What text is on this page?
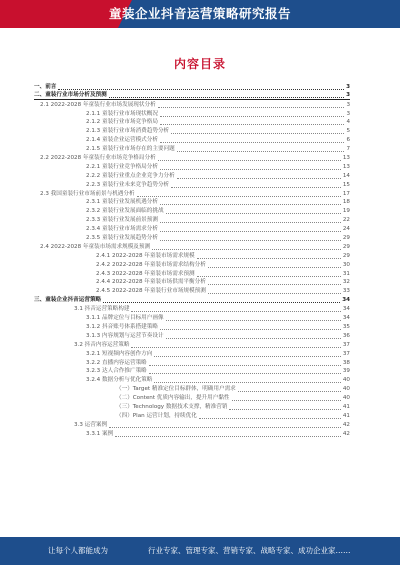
童装企业抖音运营策略研究报告
内容目录
一、前言	3
二、童装行业市场分析及预测	3
2.1 2022-2028 年童装行业市场发展现状分析	3
2.1.1 童装行业市场现状概况	3
2.1.2 童装行业市场竞争格局	4
2.1.3 童装行业市场消费趋势分析	5
2.1.4 童装企业运营模式分析	6
2.1.5 童装行业市场存在的主要问题	7
2.2 2022-2028 年童装行业市场竞争格局分析	13
2.2.1 童装行业竞争格局分析	13
2.2.2 童装行业重点企业竞争力分析	14
2.2.3 童装行业未来竞争趋势分析	15
2.3 我国童装行业市场前景与机遇分析	17
2.3.1 童装行业发展机遇分析	18
2.3.2 童装行业发展面临的挑战	19
2.3.3 童装行业发展前景预测	22
2.3.4 童装行业市场需求分析	24
2.3.5 童装行业发展趋势分析	29
2.4 2022-2028 年童装市场需求规模及预测	29
2.4.1 2022-2028 年童装市场需求规模	29
2.4.2 2022-2028 年童装市场需求结构分析	30
2.4.3 2022-2028 年童装市场需求预测	31
2.4.4 2022-2028 年童装市场供需平衡分析	32
2.4.5 2022-2028 年童装行业市场规模预测	33
三、童装企业抖音运营策略	34
3.1 抖音运营策略构建	34
3.1.1 品牌定位与目标用户画像	34
3.1.2 抖音账号体系搭建策略	35
3.1.3 内容规划与运营节奏设计	36
3.2 抖音内容运营策略	37
3.2.1 短视频内容创作方向	37
3.2.2 直播内容运营策略	38
3.2.3 达人合作推广策略	39
3.2.4 数据分析与优化策略	40
（一）Target 精准定位目标群体，明确用户需求	40
（二）Content 优质内容输出，提升用户黏性	40
（三）Technology 数据技术支撑，精准营销	41
（四）Plan 运营计划，持续优化	41
3.3 运营案例	42
3.3.1 案例	42
让每个人都能成为	行业专家、管理专家、营销专家、战略专家、成功企业家……
